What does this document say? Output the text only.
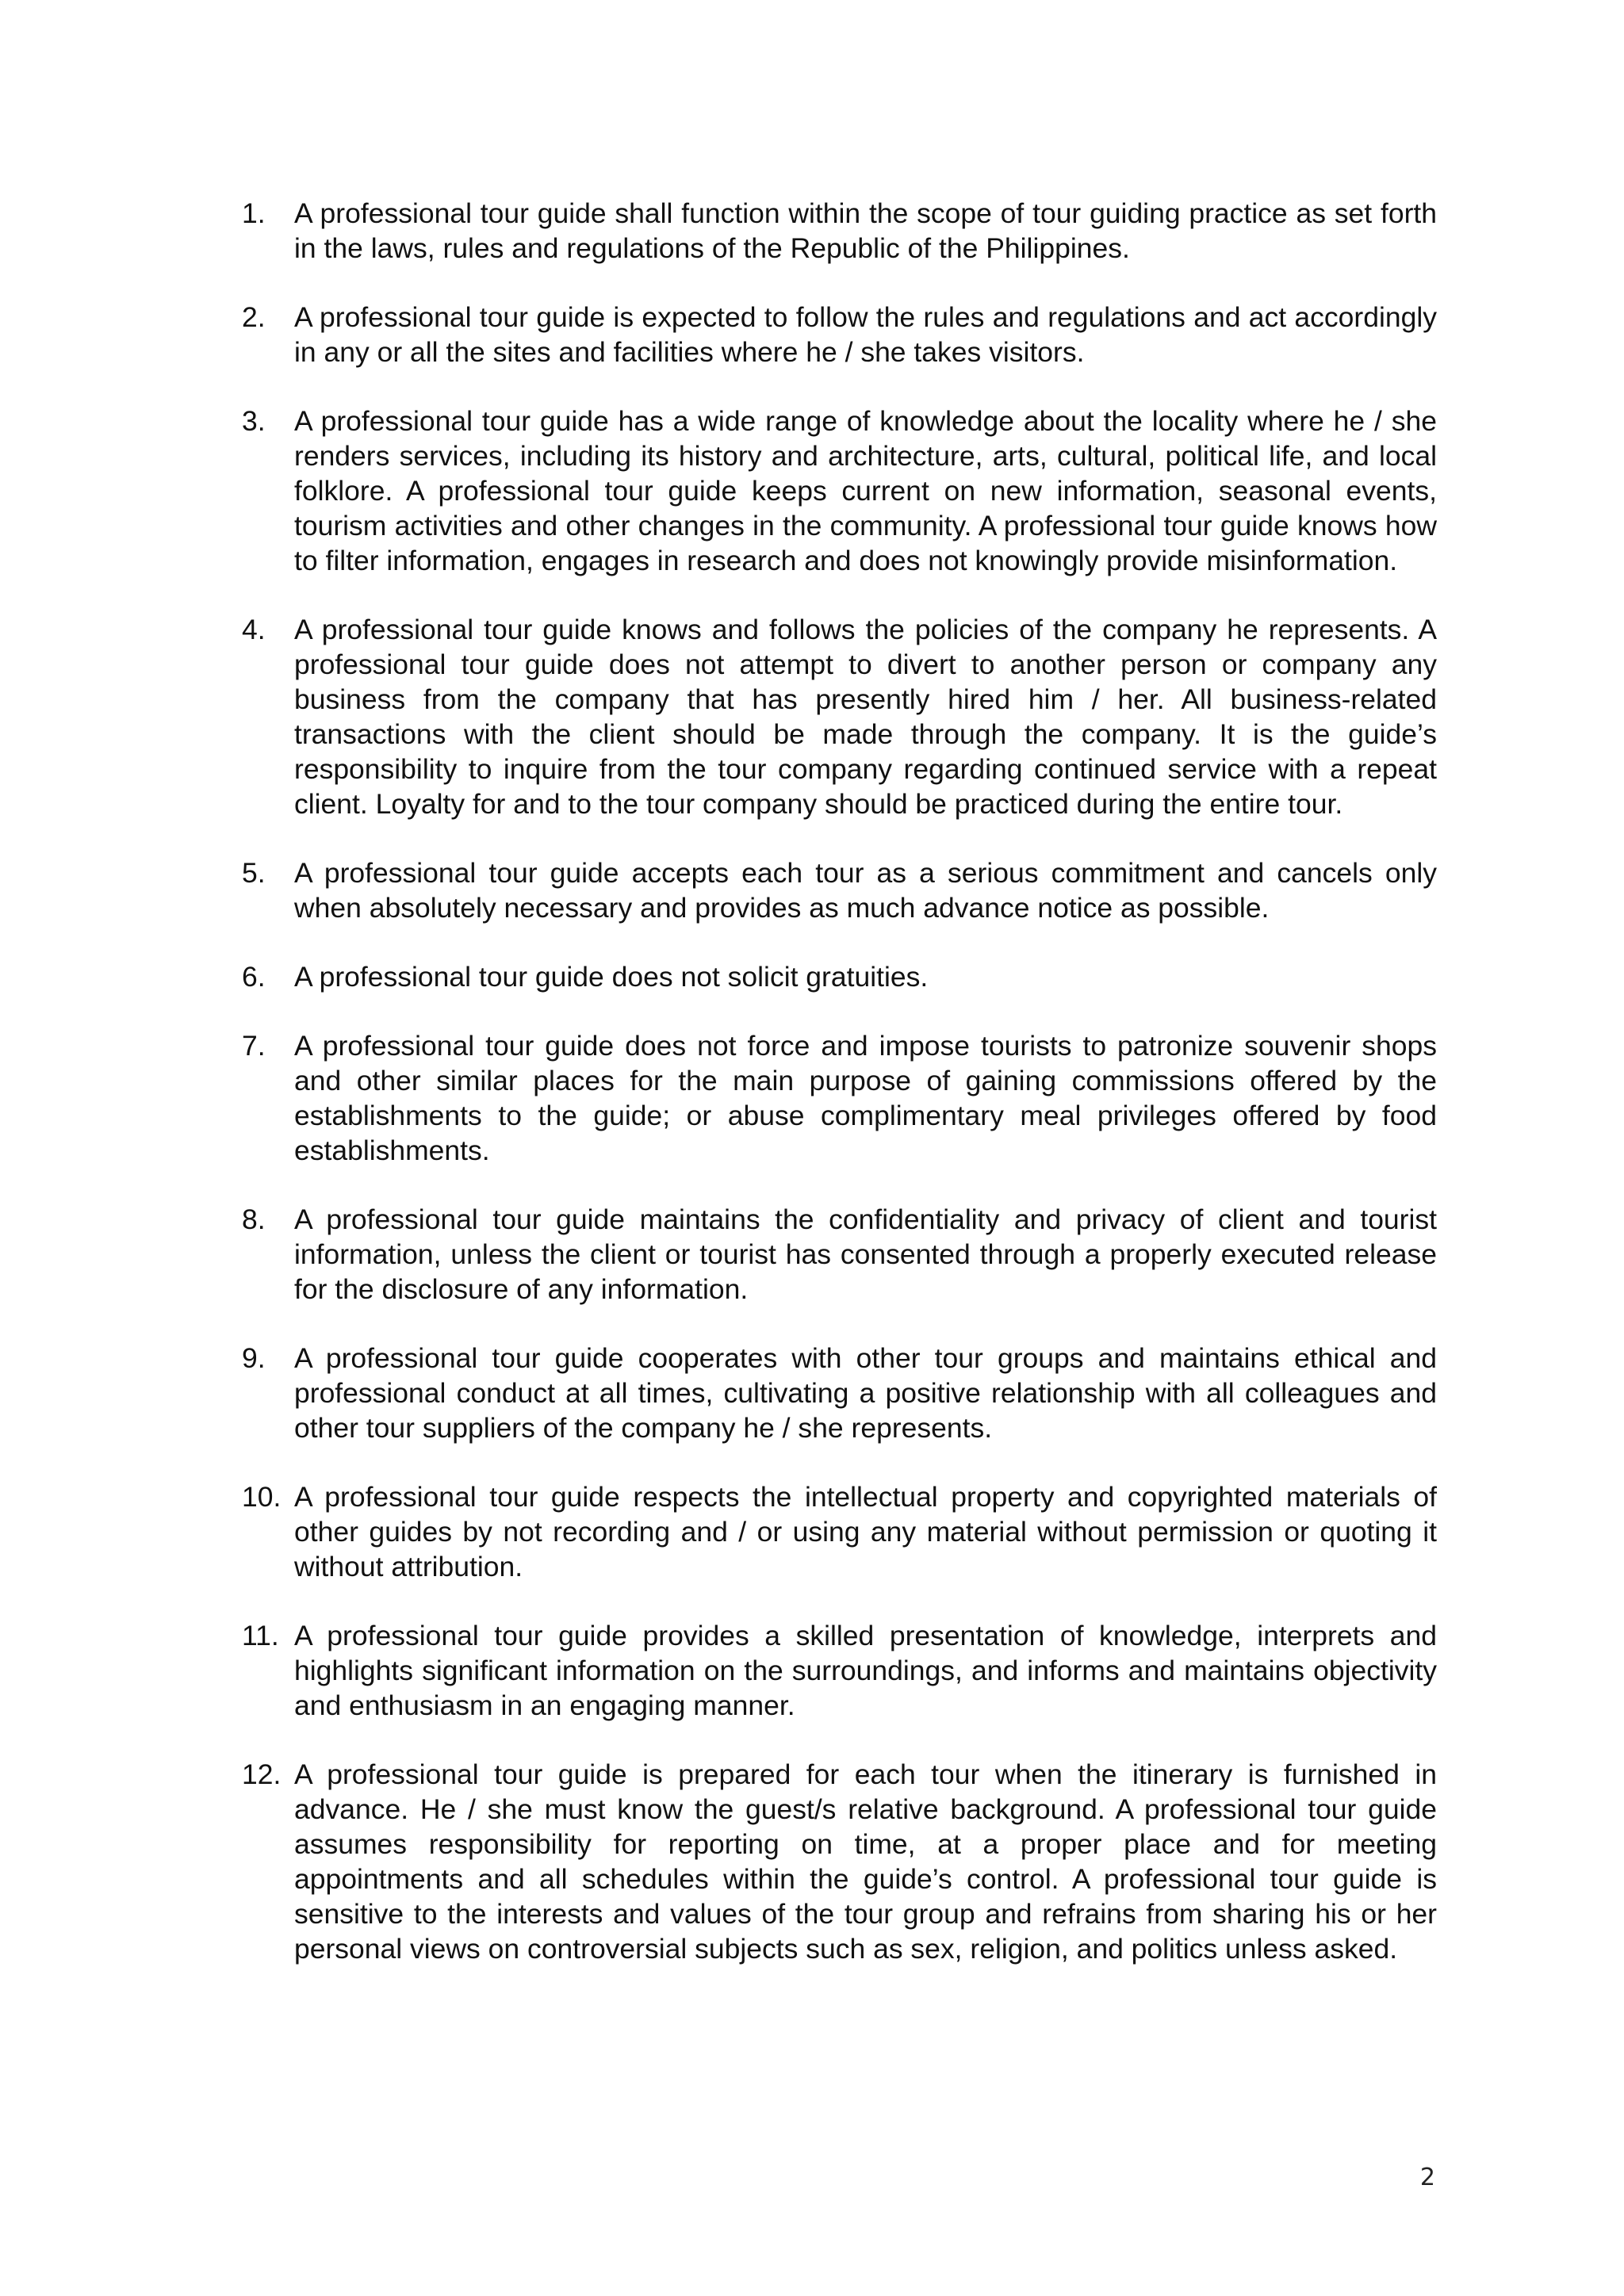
1.	A professional tour guide shall function within the scope of tour guiding practice as set forth in the laws, rules and regulations of the Republic of the Philippines.
2.	A professional tour guide is expected to follow the rules and regulations and act accordingly in any or all the sites and facilities where he / she takes visitors.
3.	A professional tour guide has a wide range of knowledge about the locality where he / she renders services, including its history and architecture, arts, cultural, political life, and local folklore. A professional tour guide keeps current on new information, seasonal events, tourism activities and other changes in the community. A professional tour guide knows how to filter information, engages in research and does not knowingly provide misinformation.
4.	A professional tour guide knows and follows the policies of the company he represents. A professional tour guide does not attempt to divert to another person or company any business from the company that has presently hired him / her. All business-related transactions with the client should be made through the company. It is the guide’s responsibility to inquire from the tour company regarding continued service with a repeat client. Loyalty for and to the tour company should be practiced during the entire tour.
5.	A professional tour guide accepts each tour as a serious commitment and cancels only when absolutely necessary and provides as much advance notice as possible.
6.	A professional tour guide does not solicit gratuities.
7.	A professional tour guide does not force and impose tourists to patronize souvenir shops and other similar places for the main purpose of gaining commissions offered by the establishments to the guide; or abuse complimentary meal privileges offered by food establishments.
8.	A professional tour guide maintains the confidentiality and privacy of client and tourist information, unless the client or tourist has consented through a properly executed release for the disclosure of any information.
9.	A professional tour guide cooperates with other tour groups and maintains ethical and professional conduct at all times, cultivating a positive relationship with all colleagues and other tour suppliers of the company he / she represents.
10. A professional tour guide respects the intellectual property and copyrighted materials of other guides by not recording and / or using any material without permission or quoting it without attribution.
11. A professional tour guide provides a skilled presentation of knowledge, interprets and highlights significant information on the surroundings, and informs and maintains objectivity and enthusiasm in an engaging manner.
12. A professional tour guide is prepared for each tour when the itinerary is furnished in advance. He / she must know the guest/s relative background. A professional tour guide assumes responsibility for reporting on time, at a proper place and for meeting appointments and all schedules within the guide’s control. A professional tour guide is sensitive to the interests and values of the tour group and refrains from sharing his or her personal views on controversial subjects such as sex, religion, and politics unless asked.
2
